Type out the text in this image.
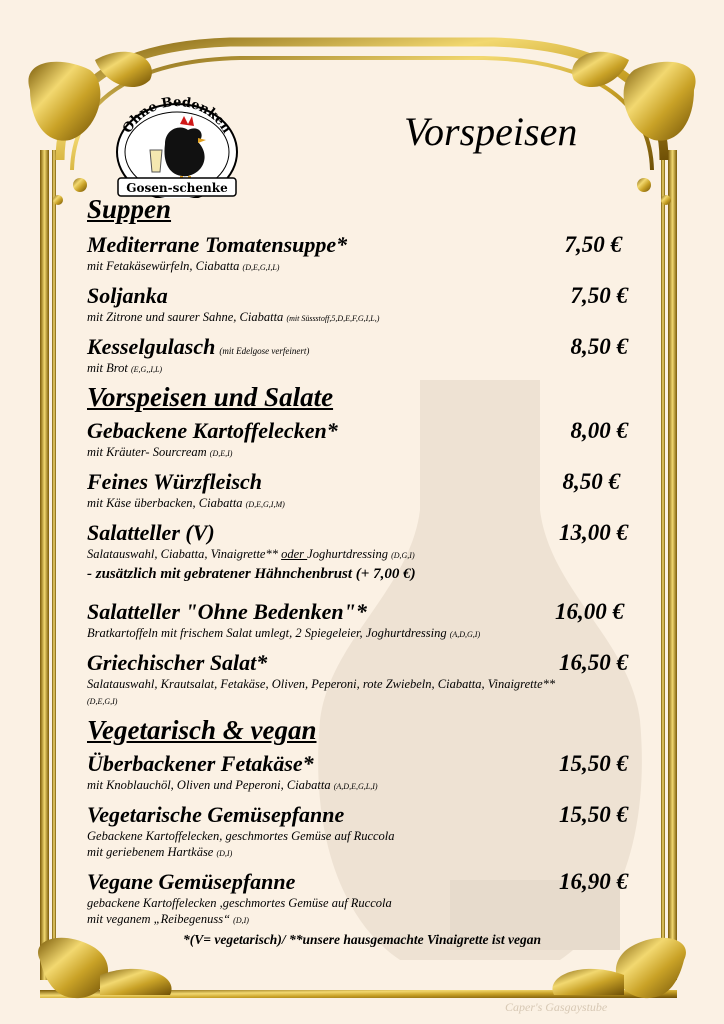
Caper's Gasgaystube
Ohne Bedenken
Gosen-schenke
Vorspeisen
Suppen
Mediterrane Tomatensuppe*	7,50 €
mit Fetakäsewürfeln, Ciabatta (D,E,G,I,L)
Soljanka	7,50 €
mit Zitrone und saurer Sahne, Ciabatta (mit Süssstoff,5,D,E,F,G,I,L,)
Kesselgulasch (mit Edelgose verfeinert)	8,50 €
mit Brot (E,G,,I,L)
Vorspeisen und Salate
Gebackene Kartoffelecken*	8,00 €
mit Kräuter- Sourcream (D,E,I)
Feines Würzfleisch	8,50 €
mit Käse überbacken, Ciabatta (D,E,G,I,M)
Salatteller (V)	13,00 €
Salatauswahl, Ciabatta, Vinaigrette** oder Joghurtdressing (D,G,I)
- zusätzlich mit gebratener Hähnchenbrust (+ 7,00 €)
Salatteller "Ohne Bedenken"*	16,00 €
Bratkartoffeln mit frischem Salat umlegt, 2 Spiegeleier, Joghurtdressing (A,D,G,I)
Griechischer Salat*	16,50 €
Salatauswahl, Krautsalat, Fetakäse, Oliven, Peperoni, rote Zwiebeln, Ciabatta, Vinaigrette** (D,E,G,I)
Vegetarisch & vegan
Überbackener Fetakäse*	15,50 €
mit Knoblauchöl, Oliven und Peperoni, Ciabatta (A,D,E,G,L,I)
Vegetarische Gemüsepfanne	15,50 €
Gebackene Kartoffelecken, geschmortes Gemüse auf Ruccola
mit geriebenem Hartkäse (D,I)
Vegane Gemüsepfanne	16,90 €
gebackene Kartoffelecken ,geschmortes Gemüse auf Ruccola
mit veganem „Reibegenuss“ (D,I)
*(V= vegetarisch)/ **unsere hausgemachte Vinaigrette ist vegan
